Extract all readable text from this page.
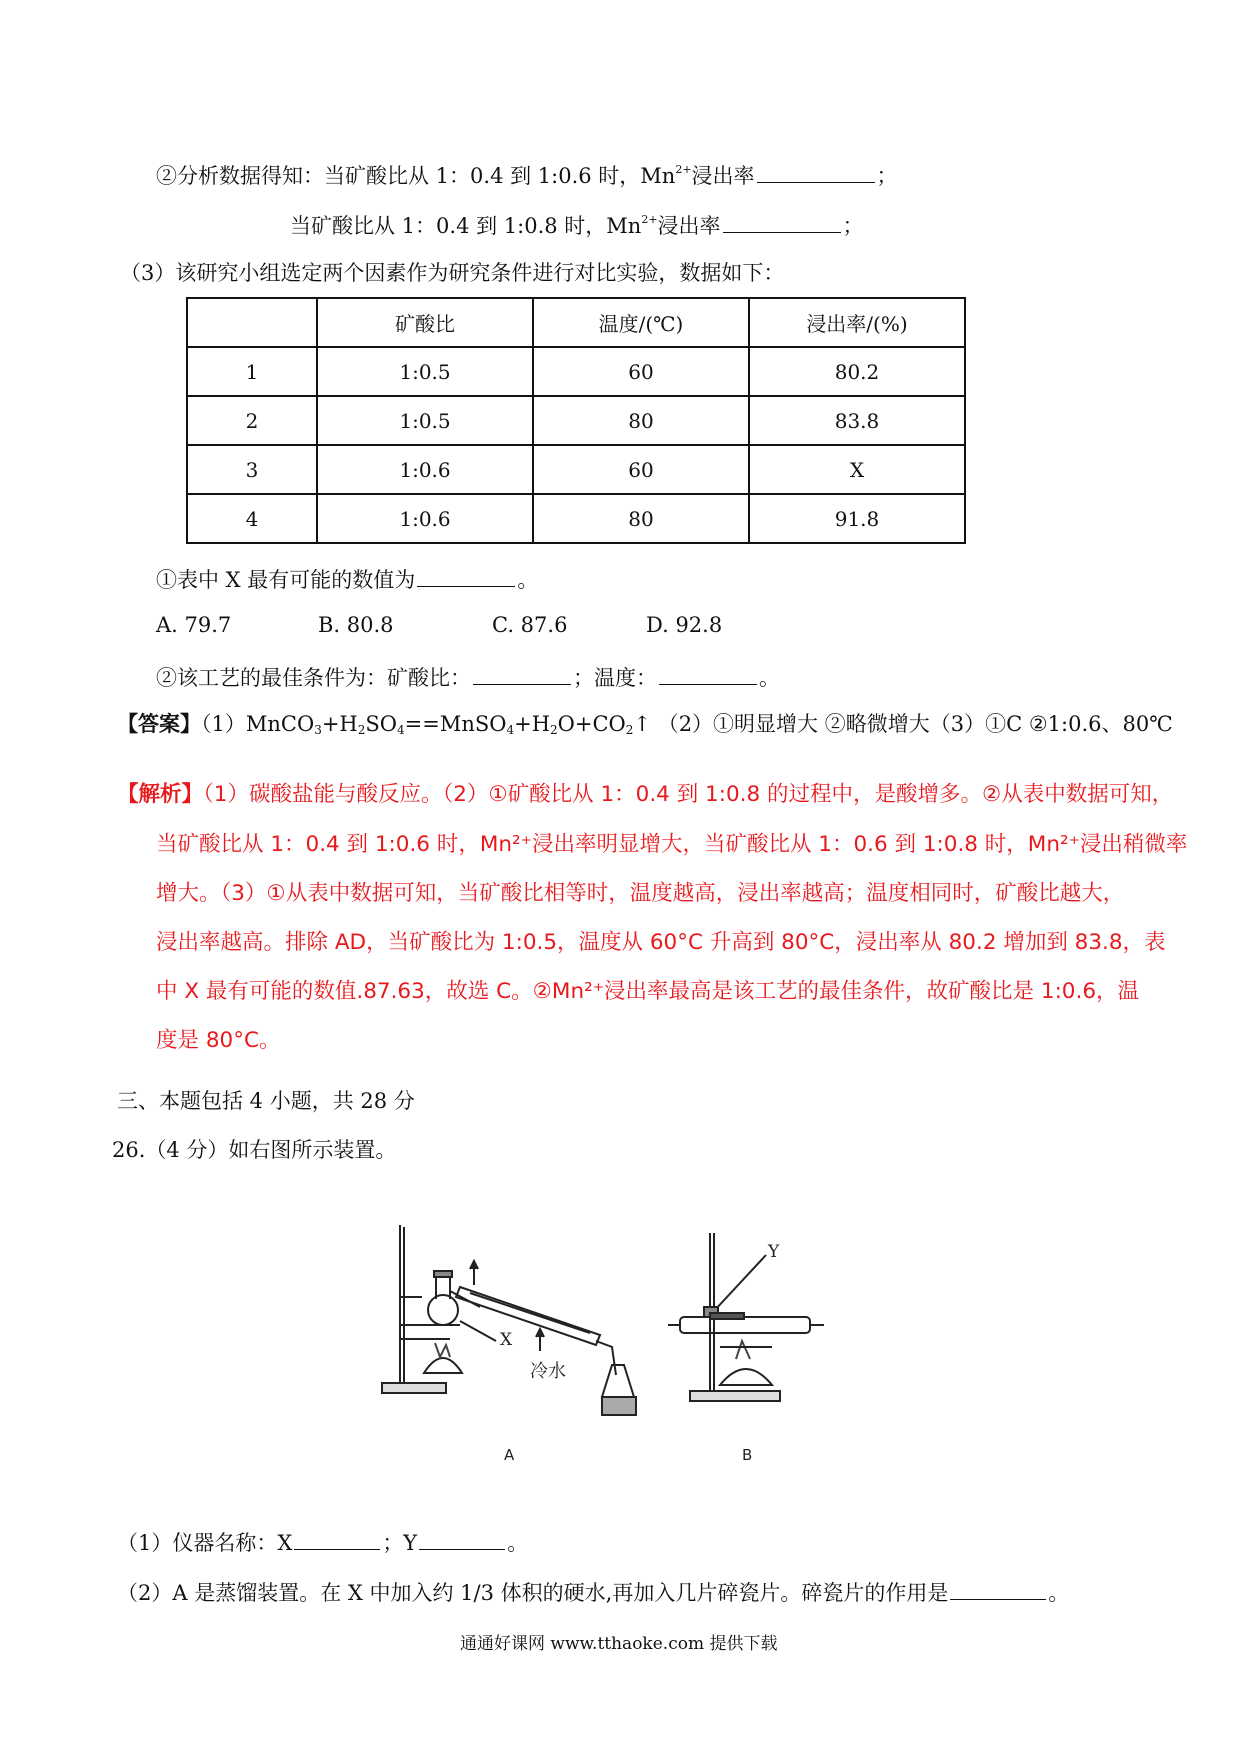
②分析数据得知：当矿酸比从 1：0.4 到 1:0.6 时，$Mn^{2+}$浸出率	；
当矿酸比从 1：0.4 到 1:0.8 时，$Mn^{2+}$浸出率	；
（3）该研究小组选定两个因素作为研究条件进行对比实验，数据如下：
	矿酸比	温度/(℃)	浸出率/(%)
1	1:0.5	60	80.2
2	1:0.5	80	83.8
3	1:0.6	60	X
4	1:0.6	80	91.8
①表中 X 最有可能的数值为	。
A. 79.7	B. 80.8	C. 87.6	D. 92.8
②该工艺的最佳条件为：矿酸比：	；温度：	。
【答案】$(1)MnCO_3+H_2SO_4==MnSO_4+H_2O+CO_2↑$ （2）①明显增大 ②略微增大（3）①C ②1:0.6、80℃
【解析】（1）碳酸盐能与酸反应。（2）①矿酸比从 1：0.4 到 1:0.8 的过程中，是酸增多。②从表中数据可知，
当矿酸比从 1：0.4 到 1:0.6 时，Mn²⁺浸出率明显增大，当矿酸比从 1：0.6 到 1:0.8 时，Mn²⁺浸出稍微率
增大。（3）①从表中数据可知，当矿酸比相等时，温度越高，浸出率越高；温度相同时，矿酸比越大，
浸出率越高。排除 AD，当矿酸比为 1:0.5，温度从 60°C 升高到 80°C，浸出率从 80.2 增加到 83.8，表
中 X 最有可能的数值.87.63，故选 C。②Mn²⁺浸出率最高是该工艺的最佳条件，故矿酸比是 1:0.6，温
度是 80°C。
三、本题包括 4 小题，共 28 分
26.（4 分）如右图所示装置。
X
冷水
A
Y
B
（1）仪器名称：X	；Y	。
（2）A 是蒸馏装置。在 X 中加入约 1/3 体积的硬水,再加入几片碎瓷片。碎瓷片的作用是	。
通通好课网 www.tthaoke.com 提供下载
